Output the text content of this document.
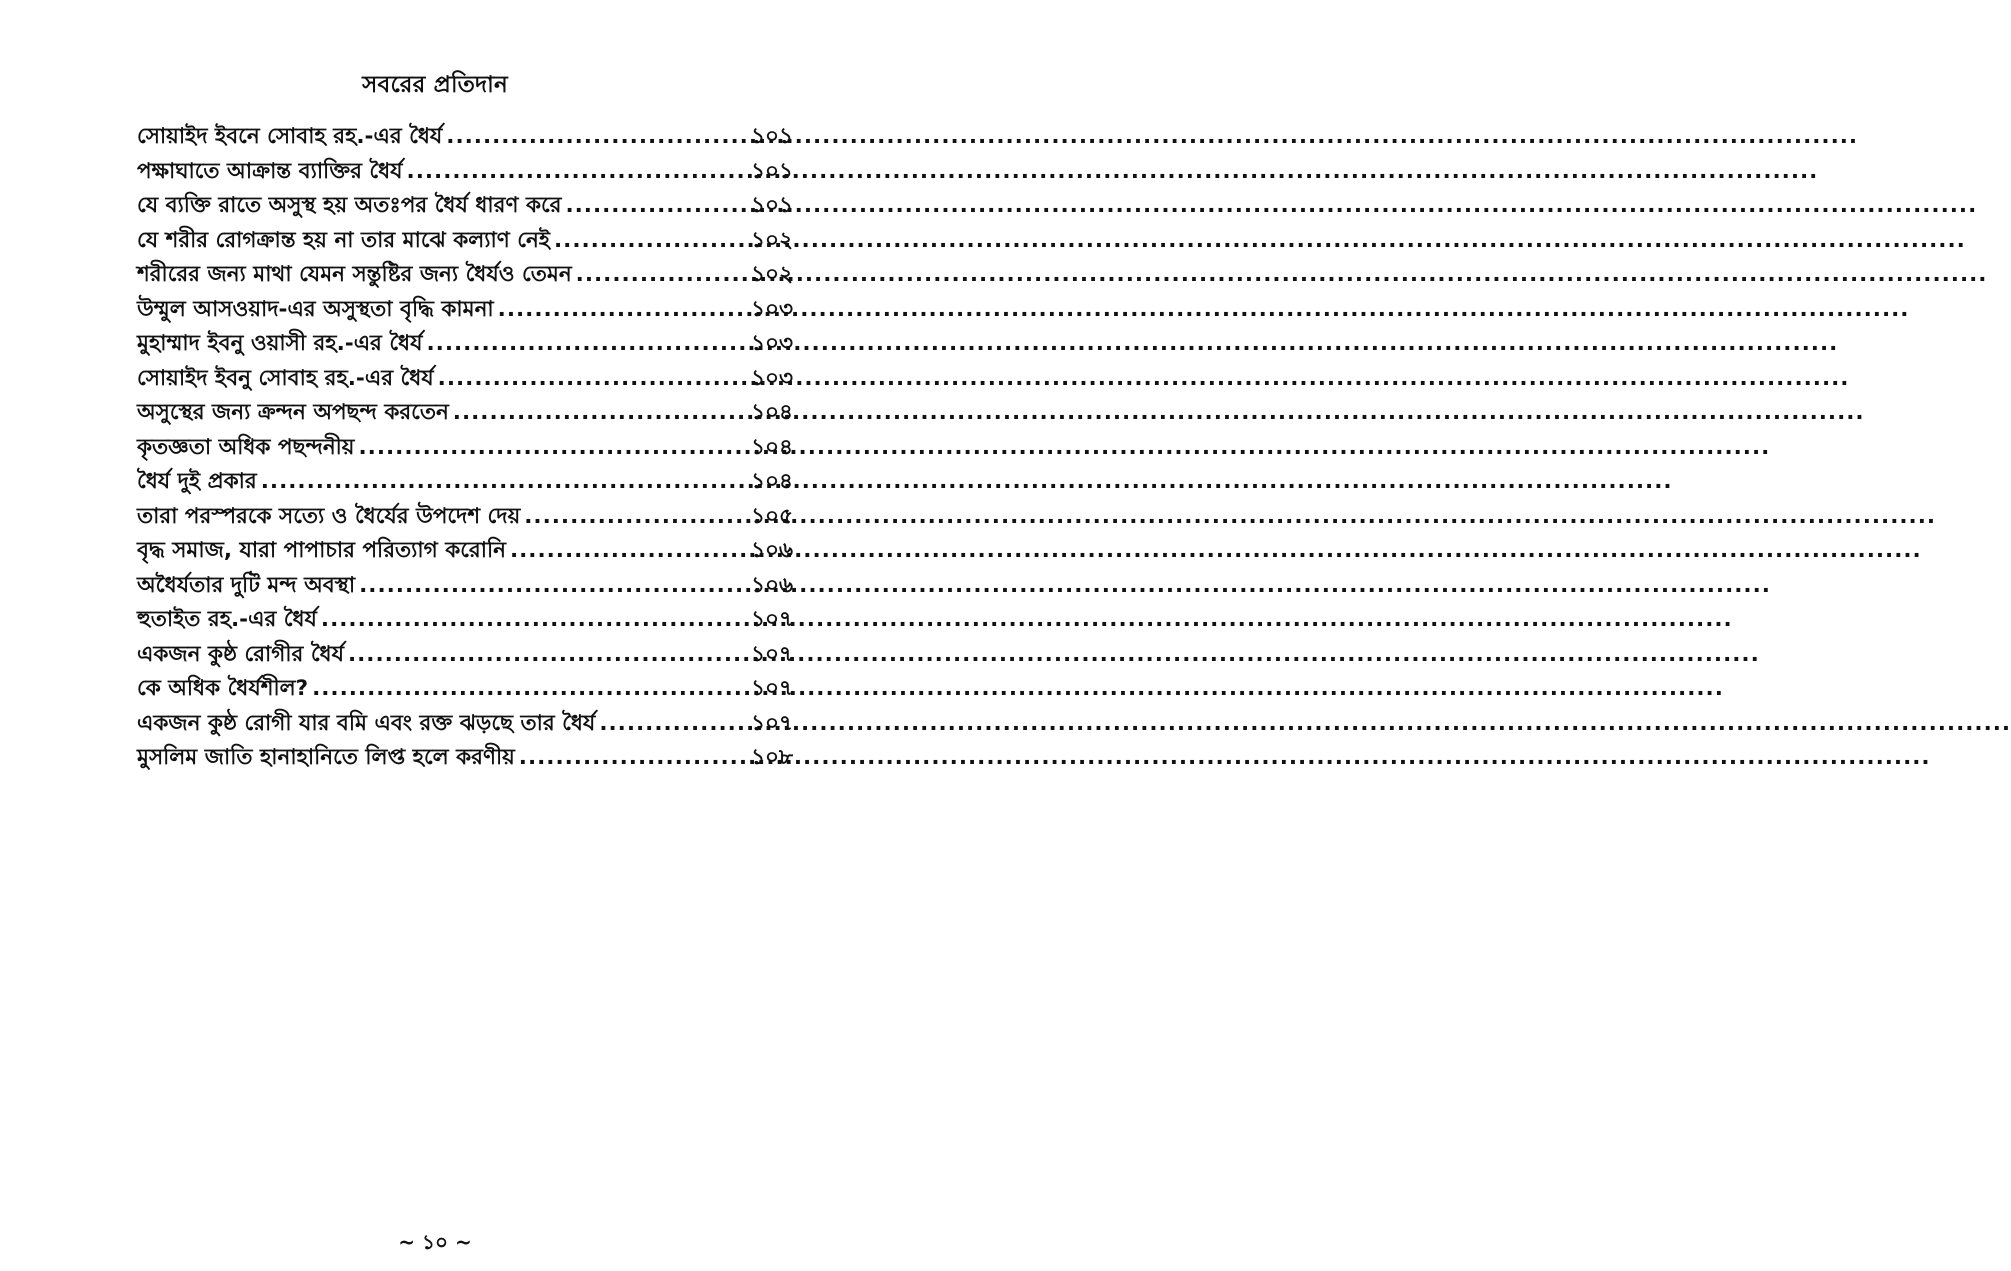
সবরের প্রতিদান
সোয়াইদ ইবনে সোবাহ রহ.-এর ধৈর্য .....	১০১
পক্ষাঘাতে আক্রান্ত ব্যাক্তির ধৈর্য .....	১০১
যে ব্যক্তি রাতে অসুস্থ হয় অতঃপর ধৈর্য ধারণ করে .....	১০১
যে শরীর রোগক্রান্ত হয় না তার মাঝে কল্যাণ নেই .....	১০২
শরীরের জন্য মাথা যেমন সন্তুষ্টির জন্য ধৈর্যও তেমন .....	১০২
উম্মুল আসওয়াদ-এর অসুস্থতা বৃদ্ধি কামনা .....	১০৩
মুহাম্মাদ ইবনু ওয়াসী রহ.-এর ধৈর্য .....	১০৩
সোয়াইদ ইবনু সোবাহ রহ.-এর ধৈর্য .....	১০৩
অসুস্থের জন্য ক্রন্দন অপছন্দ করতেন .....	১০৪
কৃতজ্ঞতা অধিক পছন্দনীয় .....	১০৪
ধৈর্য দুই প্রকার .....	১০৪
তারা পরস্পরকে সত্যে ও ধৈর্যের উপদেশ দেয় .....	১০৫
বৃদ্ধ সমাজ, যারা পাপাচার পরিত্যাগ করোনি .....	১০৬
অধৈর্যতার দুটি মন্দ অবস্থা .....	১০৬
হুতাইত রহ.-এর ধৈর্য .....	১০৭
একজন কুষ্ঠ রোগীর ধৈর্য .....	১০৭
কে অধিক ধৈর্যশীল? .....	১০৭
একজন কুষ্ঠ রোগী যার বমি এবং রক্ত ঝড়ছে তার ধৈর্য .....	১০৭
মুসলিম জাতি হানাহানিতে লিপ্ত হলে করণীয় .....	১০৮
~ ১০ ~
